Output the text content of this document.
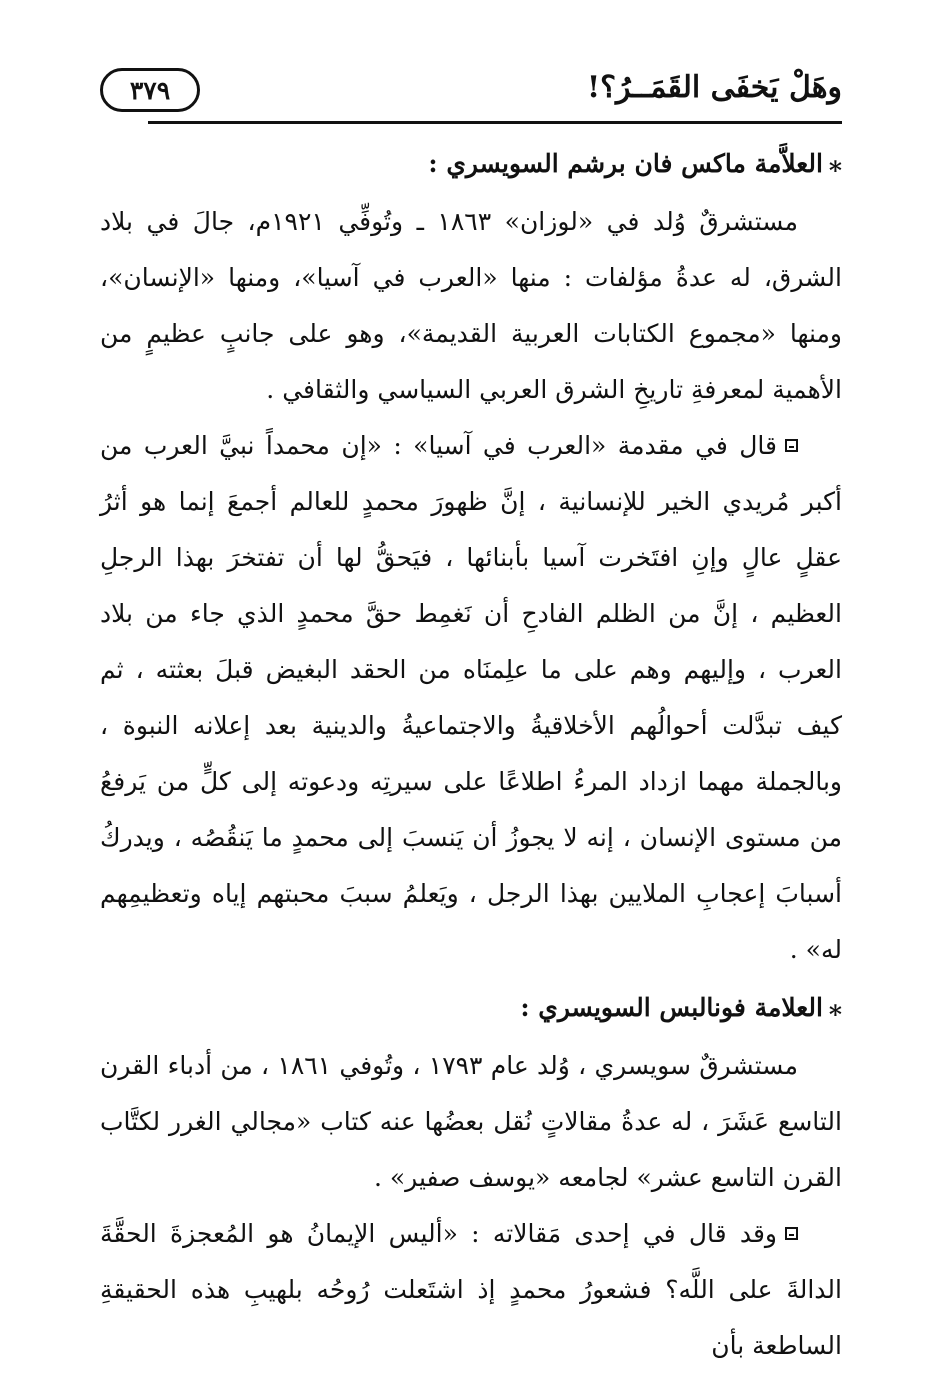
وهَلْ يَخفَى القَمَــرُ؟!
٣٧٩

⁎العلاَّمة ماكس فان برشم السويسري :

مستشرقٌ وُلد في «لوزان» ١٨٦٣ ـ وتُوفِّي ١٩٢١م، جالَ في بلاد الشرق، له عدةُ مؤلفات : منها «العرب في آسيا»، ومنها «الإنسان»، ومنها «مجموع الكتابات العربية القديمة»، وهو على جانبٍ عظيمٍ من الأهمية لمعرفةِ تاريخِ الشرق العربي السياسي والثقافي .

قال في مقدمة «العرب في آسيا» : «إن محمداً نبيَّ العرب من أكبر مُريدي الخير للإنسانية ، إنَّ ظهورَ محمدٍ للعالم أجمعَ إنما هو أثرُ عقلٍ عالٍ وإنِ افتَخرت آسيا بأبنائها ، فيَحقُّ لها أن تفتخرَ بهذا الرجلِ العظيم ، إنَّ من الظلم الفادحِ أن نَغمِط حقَّ محمدٍ الذي جاء من بلاد العرب ، وإليهم وهم على ما علِمنَاه من الحقد البغيض قبلَ بعثته ، ثم كيف تبدَّلت أحوالُهم الأخلاقيةُ والاجتماعيةُ والدينية بعد إعلانه النبوة ، وبالجملة مهما ازداد المرءُ اطلاعًا على سيرتِه ودعوته إلى كلٍّ من يَرفعُ من مستوى الإنسان ، إنه لا يجوزُ أن يَنسبَ إلى محمدٍ ما يَنقُصُه ، ويدركُ أسبابَ إعجابِ الملايين بهذا الرجل ، ويَعلمُ سببَ محبتهم إياه وتعظيمِهم له» .

⁎العلامة فونالبس السويسري :

مستشرقٌ سويسري ، وُلد عام ١٧٩٣ ، وتُوفي ١٨٦١ ، من أدباء القرن التاسع عَشَرَ ، له عدةُ مقالاتٍ نُقل بعضُها عنه كتاب «مجالي الغرر لكتَّاب القرن التاسع عشر» لجامعه «يوسف صفير» .

وقد قال في إحدى مَقالاته : «أليس الإيمانُ هو المُعجزةَ الحقَّةَ الدالةَ على اللَّه؟ فشعورُ محمدٍ إذ اشتَعلت رُوحُه بلهيبِ هذه الحقيقةِ الساطعة بأن
